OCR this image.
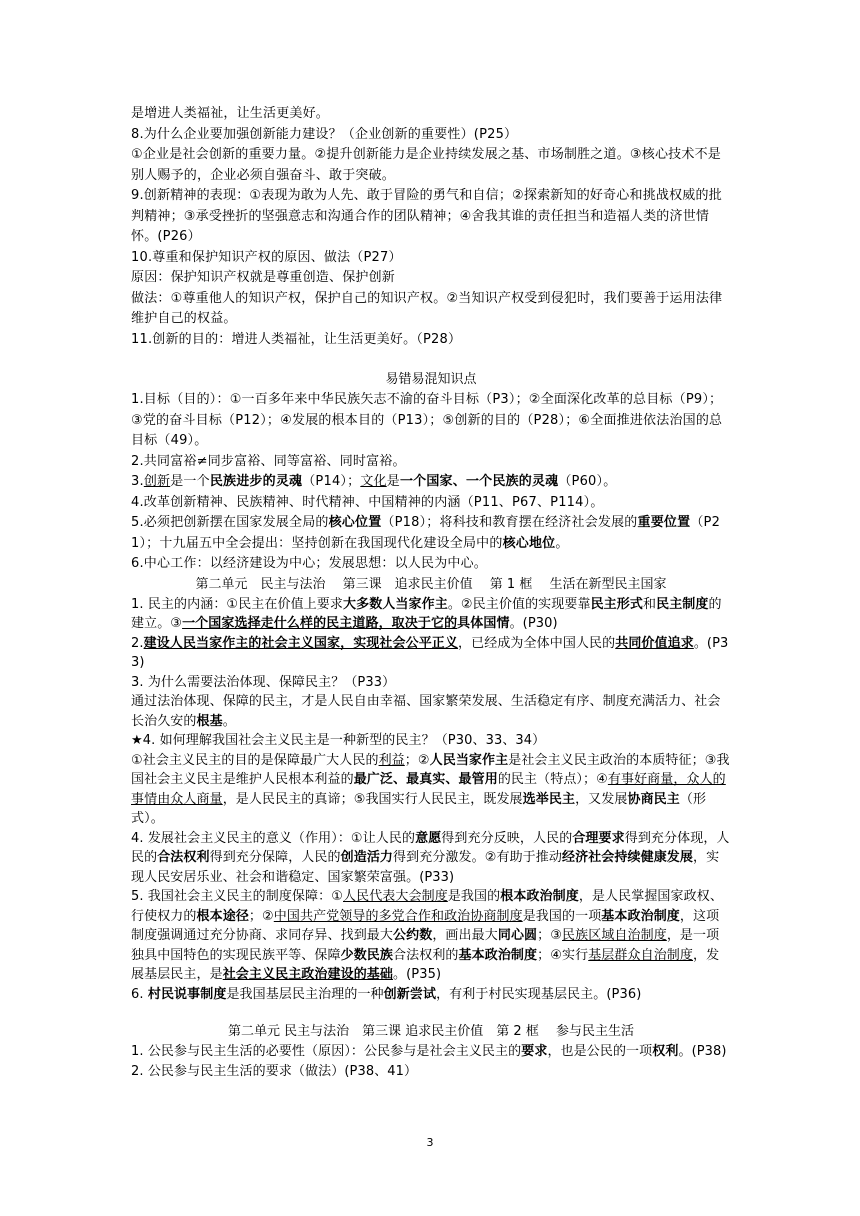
是增进人类福祉，让生活更美好。

8.为什么企业要加强创新能力建设？（企业创新的重要性）(P25）

①企业是社会创新的重要力量。②提升创新能力是企业持续发展之基、市场制胜之道。③核心技术不是别人赐予的，企业必须自强奋斗、敢于突破。

9.创新精神的表现：①表现为敢为人先、敢于冒险的勇气和自信；②探索新知的好奇心和挑战权威的批判精神；③承受挫折的坚强意志和沟通合作的团队精神；④舍我其谁的责任担当和造福人类的济世情怀。(P26）

10.尊重和保护知识产权的原因、做法（P27）

原因：保护知识产权就是尊重创造、保护创新

做法：①尊重他人的知识产权，保护自己的知识产权。②当知识产权受到侵犯时，我们要善于运用法律维护自己的权益。

11.创新的目的：增进人类福祉，让生活更美好。（P28）

易错易混知识点

1.目标（目的）：①一百多年来中华民族矢志不渝的奋斗目标（P3）；②全面深化改革的总目标（P9）；③党的奋斗目标（P12）；④发展的根本目的（P13）；⑤创新的目的（P28）；⑥全面推进依法治国的总目标（49）。

2.共同富裕≠同步富裕、同等富裕、同时富裕。

3.创新是一个民族进步的灵魂（P14）；文化是一个国家、一个民族的灵魂（P60）。

4.改革创新精神、民族精神、时代精神、中国精神的内涵（P11、P67、P114）。

5.必须把创新摆在国家发展全局的核心位置（P18）；将科技和教育摆在经济社会发展的重要位置（P21）；十九届五中全会提出：坚持创新在我国现代化建设全局中的核心地位。

6.中心工作：以经济建设为中心；发展思想：以人民为中心。

第二单元　民主与法治　 第三课　追求民主价值　 第 1 框　 生活在新型民主国家

1. 民主的内涵：①民主在价值上要求大多数人当家作主。②民主价值的实现要靠民主形式和民主制度的建立。③一个国家选择走什么样的民主道路，取决于它的具体国情。(P30)

2.建设人民当家作主的社会主义国家，实现社会公平正义，已经成为全体中国人民的共同价值追求。(P33)

3. 为什么需要法治体现、保障民主？（P33）

通过法治体现、保障的民主，才是人民自由幸福、国家繁荣发展、生活稳定有序、制度充满活力、社会长治久安的根基。

★4. 如何理解我国社会主义民主是一种新型的民主？（P30、33、34）

①社会主义民主的目的是保障最广大人民的利益；②人民当家作主是社会主义民主政治的本质特征；③我国社会主义民主是维护人民根本利益的最广泛、最真实、最管用的民主（特点）；④有事好商量，众人的事情由众人商量，是人民民主的真谛；⑤我国实行人民民主，既发展选举民主，又发展协商民主（形式）。

4. 发展社会主义民主的意义（作用）：①让人民的意愿得到充分反映，人民的合理要求得到充分体现，人民的合法权利得到充分保障，人民的创造活力得到充分激发。②有助于推动经济社会持续健康发展，实现人民安居乐业、社会和谐稳定、国家繁荣富强。(P33)

5. 我国社会主义民主的制度保障：①人民代表大会制度是我国的根本政治制度，是人民掌握国家政权、行使权力的根本途径；②中国共产党领导的多党合作和政治协商制度是我国的一项基本政治制度，这项制度强调通过充分协商、求同存异、找到最大公约数，画出最大同心圆；③民族区域自治制度，是一项独具中国特色的实现民族平等、保障少数民族合法权利的基本政治制度；④实行基层群众自治制度，发展基层民主，是社会主义民主政治建设的基础。(P35)

6. 村民说事制度是我国基层民主治理的一种创新尝试，有利于村民实现基层民主。(P36)

第二单元 民主与法治　第三课 追求民主价值　第 2 框　 参与民主生活

1. 公民参与民主生活的必要性（原因）：公民参与是社会主义民主的要求，也是公民的一项权利。(P38)

2. 公民参与民主生活的要求（做法）(P38、41）

3
